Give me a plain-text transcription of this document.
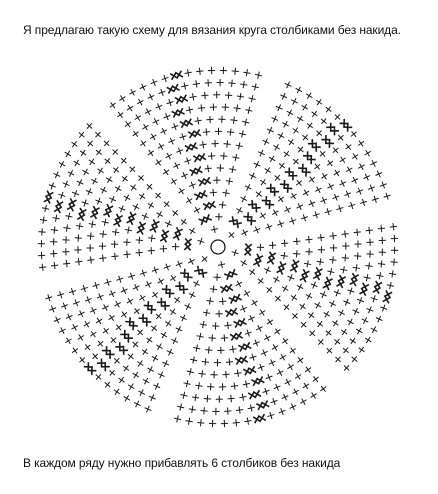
Я предлагаю такую схему для вязания круга столбиками без накида.
В каждом ряду нужно прибавлять 6 столбиков без накида
